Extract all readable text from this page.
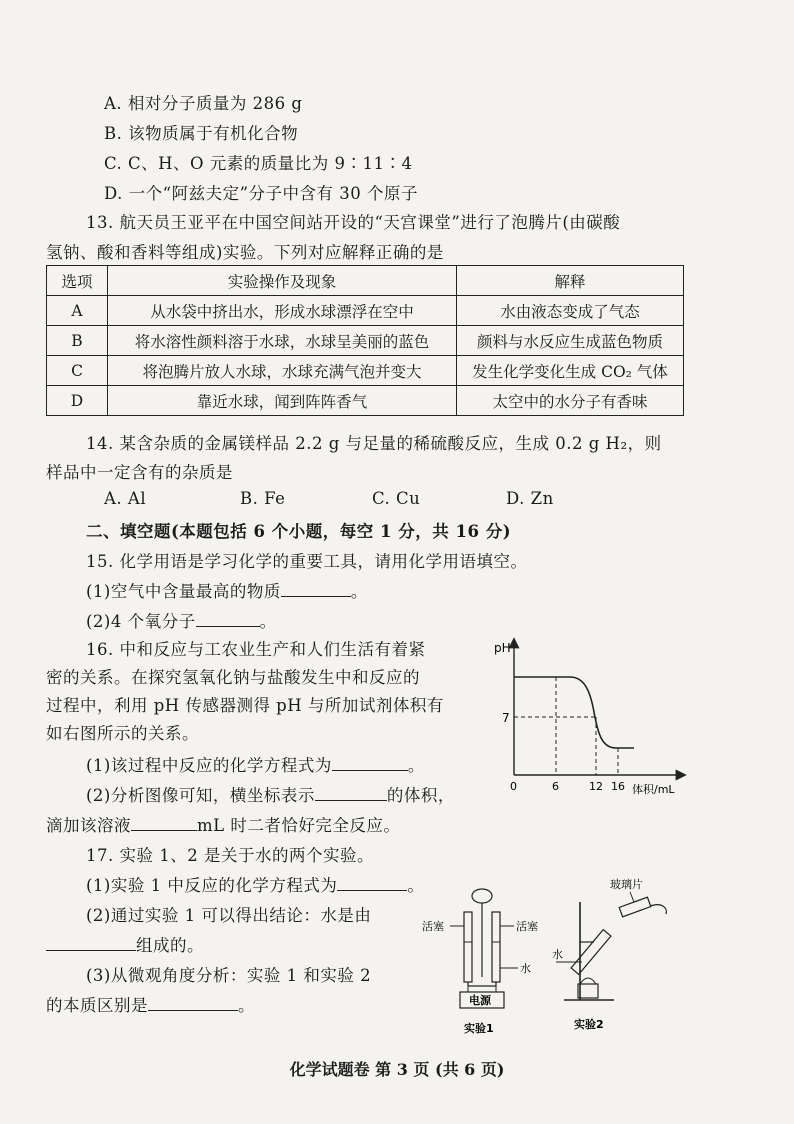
A. 相对分子质量为 286 g
B. 该物质属于有机化合物
C. C、H、O 元素的质量比为 9∶11∶4
D. 一个“阿兹夫定”分子中含有 30 个原子
13. 航天员王亚平在中国空间站开设的“天宫课堂”进行了泡腾片(由碳酸
氢钠、酸和香料等组成)实验。下列对应解释正确的是
选项	实验操作及现象	解释
A	从水袋中挤出水，形成水球漂浮在空中	水由液态变成了气态
B	将水溶性颜料溶于水球，水球呈美丽的蓝色	颜料与水反应生成蓝色物质
C	将泡腾片放人水球，水球充满气泡并变大	发生化学变化生成 CO₂ 气体
D	靠近水球，闻到阵阵香气	太空中的水分子有香味
14. 某含杂质的金属镁样品 2.2 g 与足量的稀硫酸反应，生成 0.2 g H₂，则
样品中一定含有的杂质是
A. Al	B. Fe	C. Cu	D. Zn
二、填空题(本题包括 6 个小题，每空 1 分，共 16 分)
15. 化学用语是学习化学的重要工具，请用化学用语填空。
(1)空气中含量最高的物质	。
(2)4 个氧分子	。
16. 中和反应与工农业生产和人们生活有着紧
密的关系。在探究氢氧化钠与盐酸发生中和反应的
过程中，利用 pH 传感器测得 pH 与所加试剂体积有
如右图所示的关系。
(1)该过程中反应的化学方程式为	。
(2)分析图像可知，横坐标表示	的体积，
滴加该溶液	mL 时二者恰好完全反应。
pH
7
0	6	12 16 体积/mL
17. 实验 1、2 是关于水的两个实验。
(1)实验 1 中反应的化学方程式为	。
(2)通过实验 1 可以得出结论：水是由
组成的。
(3)从微观角度分析：实验 1 和实验 2
的本质区别是	。
活塞	活塞
水
电源
实验1
玻璃片
水
实验2
化学试题卷 第 3 页 (共 6 页)
